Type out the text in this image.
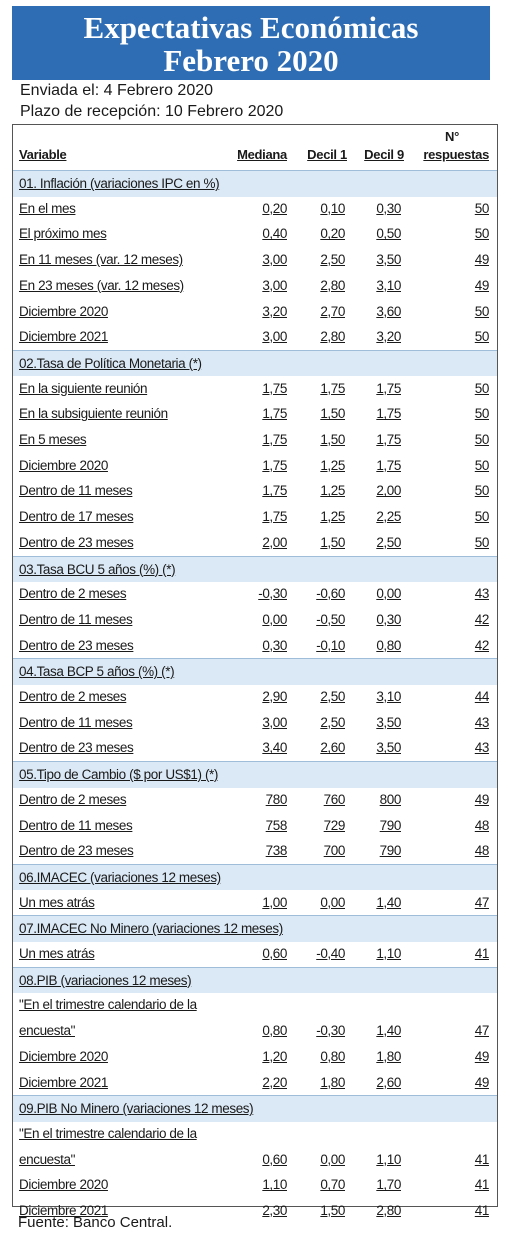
Expectativas Económicas
Febrero 2020
Enviada el: 4 Febrero 2020
Plazo de recepción: 10 Febrero 2020
Variable	Mediana Decil 1 Decil 9
N°
respuestas
01. Inflación (variaciones IPC en %)
En el mes	0,20 0,10 0,30	50
El próximo mes	0,40 0,20 0,50	50
En 11 meses (var. 12 meses)	3,00 2,50 3,50	49
En 23 meses (var. 12 meses)	3,00 2,80 3,10	49
Diciembre 2020	3,20 2,70 3,60	50
Diciembre 2021	3,00 2,80 3,20	50
02.Tasa de Política Monetaria (*)
En la siguiente reunión	1,75 1,75 1,75	50
En la subsiguiente reunión	1,75 1,50 1,75	50
En 5 meses	1,75 1,50 1,75	50
Diciembre 2020	1,75 1,25 1,75	50
Dentro de 11 meses	1,75 1,25 2,00	50
Dentro de 17 meses	1,75 1,25 2,25	50
Dentro de 23 meses	2,00 1,50 2,50	50
03.Tasa BCU 5 años (%) (*)
Dentro de 2 meses	-0,30 -0,60 0,00	43
Dentro de 11 meses	0,00 -0,50 0,30	42
Dentro de 23 meses	0,30 -0,10 0,80	42
04.Tasa BCP 5 años (%) (*)
Dentro de 2 meses	2,90 2,50 3,10	44
Dentro de 11 meses	3,00 2,50 3,50	43
Dentro de 23 meses	3,40 2,60 3,50	43
05.Tipo de Cambio ($ por US$1) (*)
Dentro de 2 meses	780	760	800	49
Dentro de 11 meses	758	729	790	48
Dentro de 23 meses	738	700	790	48
06.IMACEC (variaciones 12 meses)
Un mes atrás	1,00 0,00 1,40	47
07.IMACEC No Minero (variaciones 12 meses)
Un mes atrás	0,60 -0,40 1,10	41
08.PIB (variaciones 12 meses)
"En el trimestre calendario de la
encuesta"	0,80 -0,30 1,40	47
Diciembre 2020	1,20 0,80 1,80	49
Diciembre 2021	2,20 1,80 2,60	49
09.PIB No Minero (variaciones 12 meses)
"En el trimestre calendario de la
encuesta"	0,60 0,00 1,10	41
Diciembre 2020	1,10 0,70 1,70	41
Diciembre 2021	2,30 1,50 2,80	41
Fuente: Banco Central.
